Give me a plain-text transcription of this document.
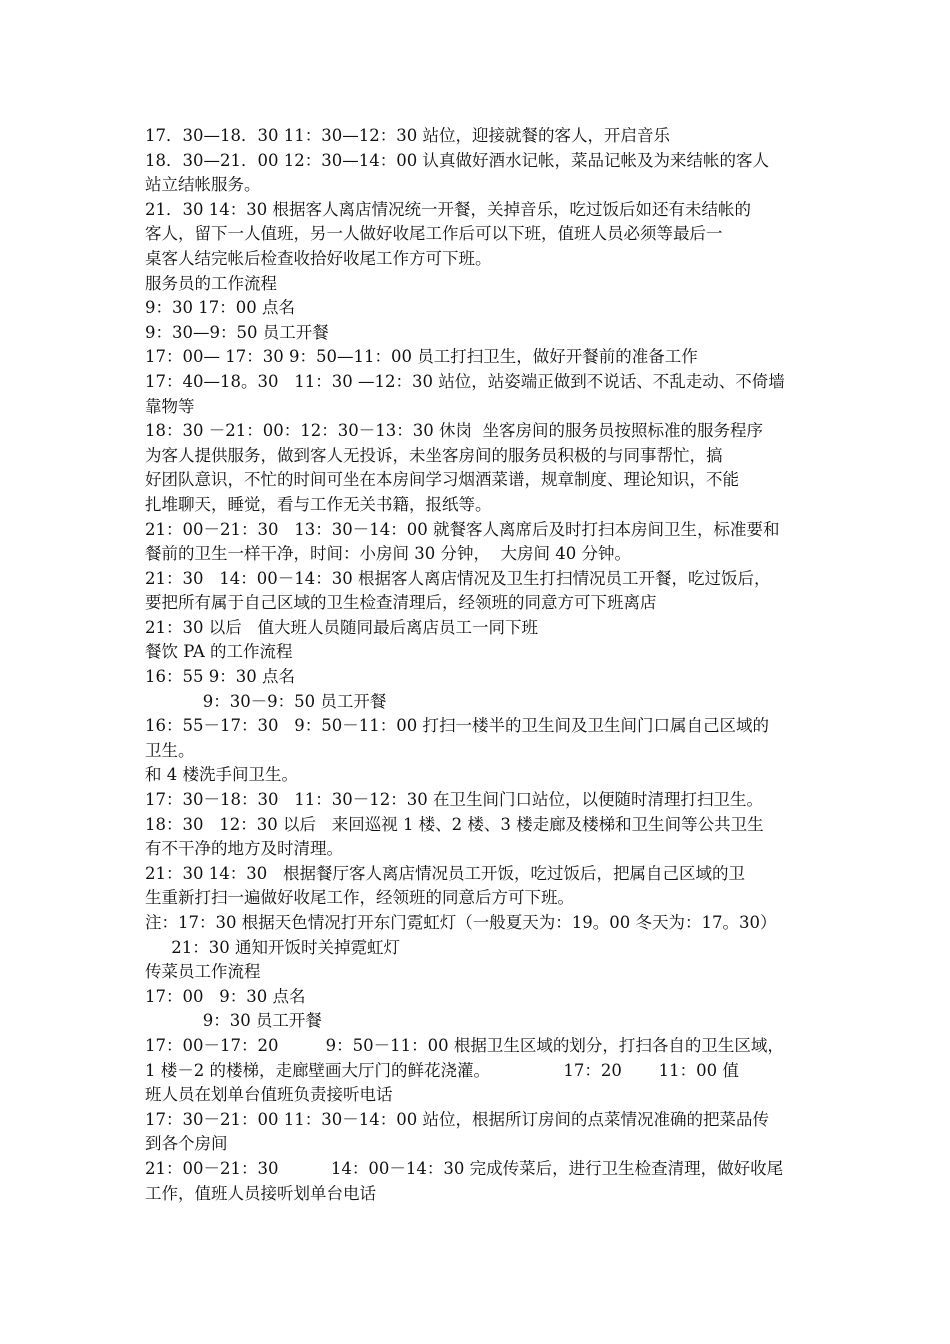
17．30—18．30 11：30—12：30 站位，迎接就餐的客人，开启音乐
18．30—21．00 12：30—14：00 认真做好酒水记帐，菜品记帐及为来结帐的客人
站立结帐服务。
21．30 14：30 根据客人离店情况统一开餐，关掉音乐，吃过饭后如还有未结帐的
客人，留下一人值班，另一人做好收尾工作后可以下班，值班人员必须等最后一
桌客人结完帐后检查收拾好收尾工作方可下班。
服务员的工作流程
9：30 17：00 点名
9：30—9：50 员工开餐
17：00— 17：30 9：50—11：00 员工打扫卫生，做好开餐前的准备工作
17：40—18。30   11：30 —12：30 站位，站姿端正做到不说话、不乱走动、不倚墙
靠物等
18：30 －21：00：12：30－13：30 休岗  坐客房间的服务员按照标准的服务程序
为客人提供服务，做到客人无投诉，未坐客房间的服务员积极的与同事帮忙，搞
好团队意识，不忙的时间可坐在本房间学习烟酒菜谱，规章制度、理论知识，不能
扎堆聊天，睡觉，看与工作无关书籍，报纸等。
21：00－21：30   13：30－14：00 就餐客人离席后及时打扫本房间卫生，标准要和
餐前的卫生一样干净，时间：小房间 30 分钟，  大房间 40 分钟。
21：30   14：00－14：30 根据客人离店情况及卫生打扫情况员工开餐，吃过饭后，
要把所有属于自己区域的卫生检查清理后，经领班的同意方可下班离店
21：30 以后   值大班人员随同最后离店员工一同下班
餐饮 PA 的工作流程
16：55 9：30 点名
9：30－9：50 员工开餐
16：55－17：30   9：50－11：00 打扫一楼半的卫生间及卫生间门口属自己区域的
卫生。
和 4 楼洗手间卫生。
17：30－18：30   11：30－12：30 在卫生间门口站位，以便随时清理打扫卫生。
18：30   12：30 以后   来回巡视 1 楼、2 楼、3 楼走廊及楼梯和卫生间等公共卫生
有不干净的地方及时清理。
21：30 14：30   根据餐厅客人离店情况员工开饭，吃过饭后，把属自己区域的卫
生重新打扫一遍做好收尾工作，经领班的同意后方可下班。
注：17：30 根据天色情况打开东门霓虹灯（一般夏天为：19。00 冬天为：17。30）
21：30 通知开饭时关掉霓虹灯
传菜员工作流程
17：00   9：30 点名
9：30 员工开餐
17：00－17：20         9：50－11：00 根据卫生区域的划分，打扫各自的卫生区域，
1 楼－2 的楼梯，走廊壁画大厅门的鲜花浇灌。              17：20       11：00 值
班人员在划单台值班负责接听电话
17：30－21：00 11：30－14：00 站位，根据所订房间的点菜情况准确的把菜品传
到各个房间
21：00－21：30          14：00－14：30 完成传菜后，进行卫生检查清理，做好收尾
工作，值班人员接听划单台电话
